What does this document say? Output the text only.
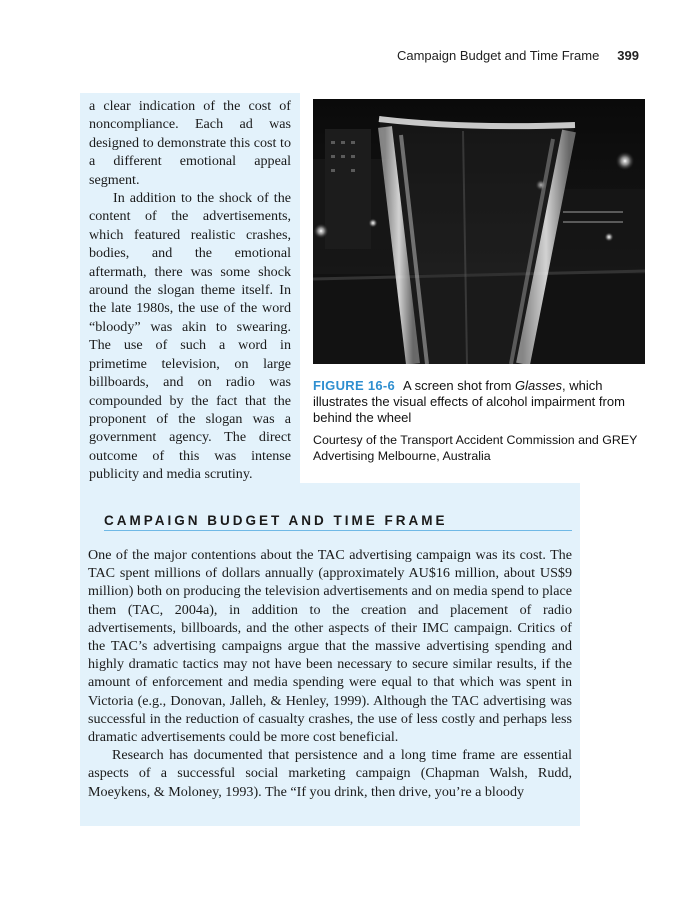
Campaign Budget and Time Frame 399

a clear indication of the cost of noncompliance. Each ad was designed to demonstrate this cost to a different emotional appeal segment.

In addition to the shock of the content of the advertisements, which featured realistic crashes, bodies, and the emotional aftermath, there was some shock around the slogan theme itself. In the late 1980s, the use of the word “bloody” was akin to swearing. The use of such a word in primetime television, on large billboards, and on radio was compounded by the fact that the proponent of the slogan was a government agency. The direct outcome of this was intense publicity and media scrutiny.

FIGURE 16-6 A screen shot from Glasses, which illustrates the visual effects of alcohol impairment from behind the wheel
Courtesy of the Transport Accident Commission and GREY Advertising Melbourne, Australia
CAMPAIGN BUDGET AND TIME FRAME

One of the major contentions about the TAC advertising campaign was its cost. The TAC spent millions of dollars annually (approximately AU$16 million, about US$9 million) both on producing the television advertisements and on media spend to place them (TAC, 2004a), in addition to the creation and placement of radio advertisements, billboards, and the other aspects of their IMC campaign. Critics of the TAC’s advertising campaigns argue that the massive advertising spending and highly dramatic tactics may not have been necessary to secure similar results, if the amount of enforcement and media spending were equal to that which was spent in Victoria (e.g., Donovan, Jalleh, & Henley, 1999). Although the TAC advertising was successful in the reduction of casualty crashes, the use of less costly and perhaps less dramatic advertisements could be more cost beneficial.

Research has documented that persistence and a long time frame are essential aspects of a successful social marketing campaign (Chapman Walsh, Rudd, Moeykens, & Moloney, 1993). The “If you drink, then drive, you’re a bloody
